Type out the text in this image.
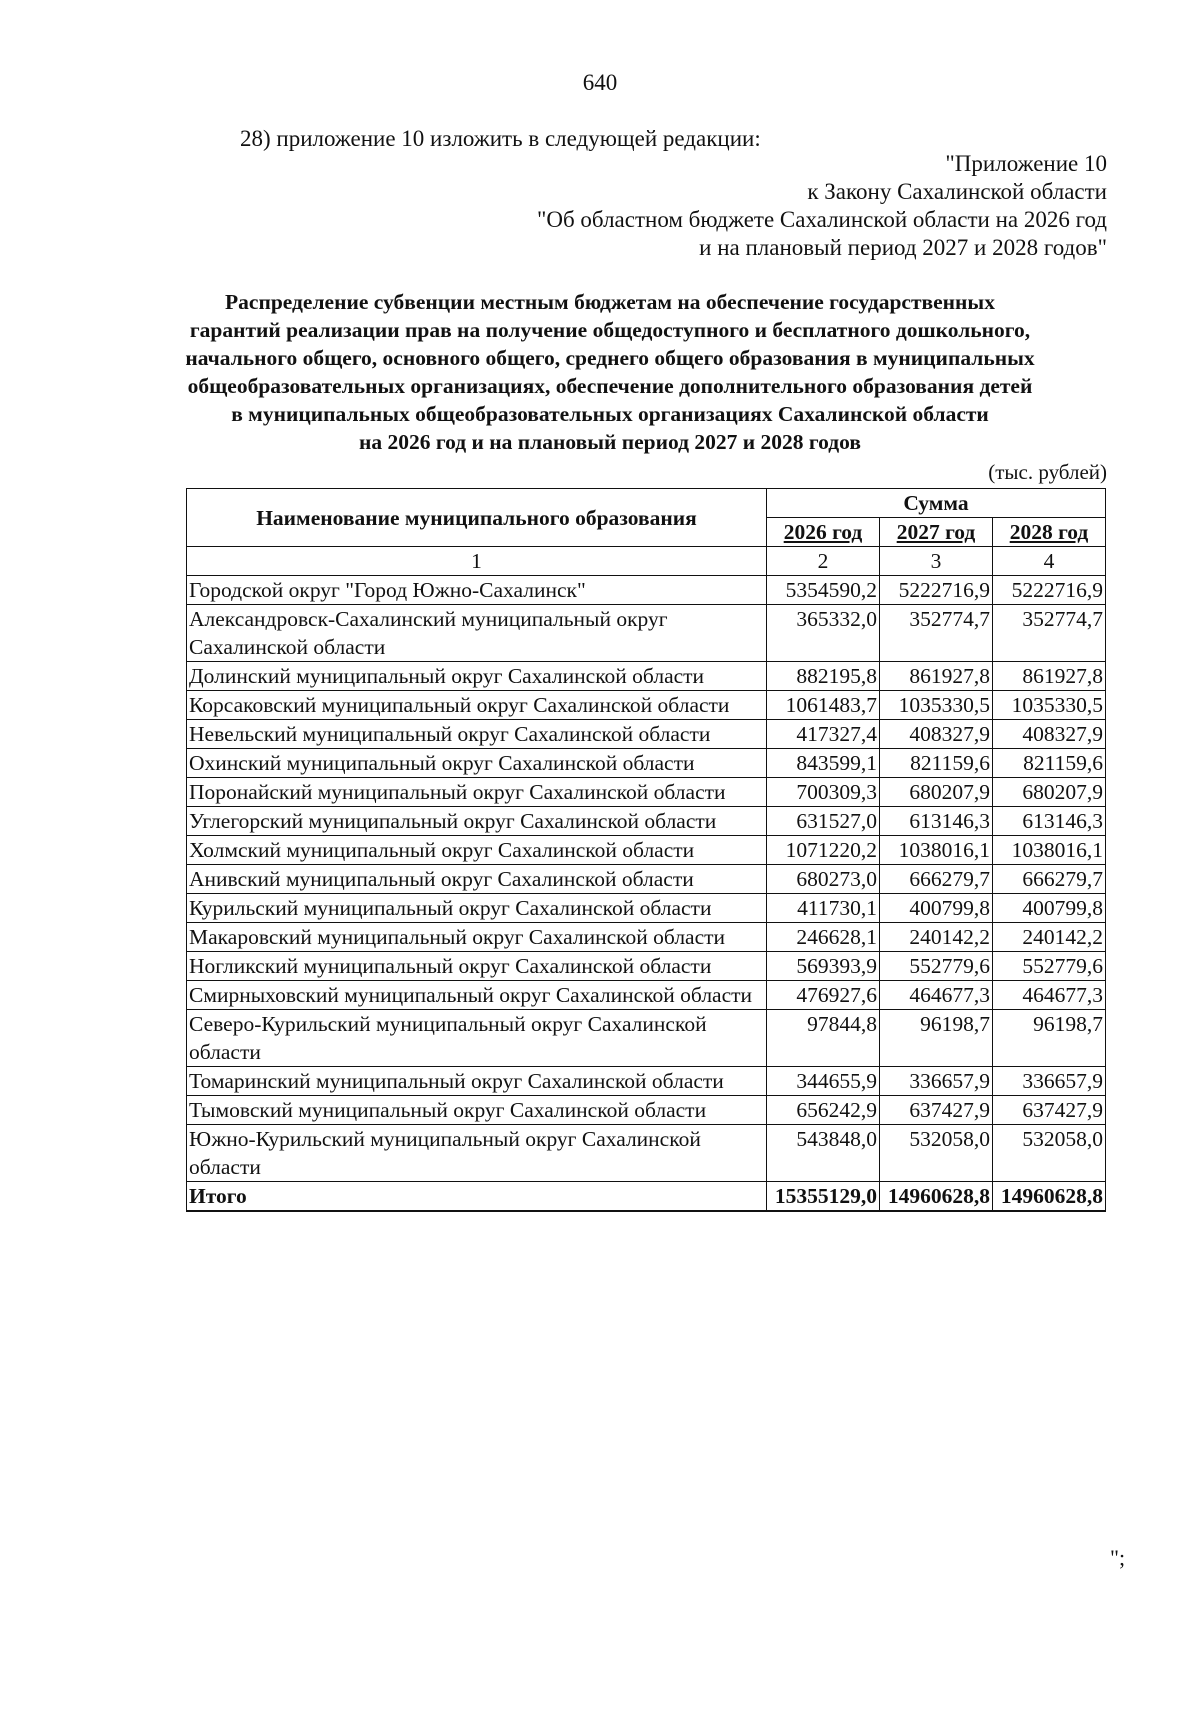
640
28) приложение 10 изложить в следующей редакции:
"Приложение 10
к Закону Сахалинской области
"Об областном бюджете Сахалинской области на 2026 год
и на плановый период 2027 и 2028 годов"
Распределение субвенции местным бюджетам на обеспечение государственных
гарантий реализации прав на получение общедоступного и бесплатного дошкольного,
начального общего, основного общего, среднего общего образования в муниципальных
общеобразовательных организациях, обеспечение дополнительного образования детей
в муниципальных общеобразовательных организациях Сахалинской области
на 2026 год и на плановый период 2027 и 2028 годов
(тыс. рублей)
Наименование муниципального образования	Сумма		
	2026 год	2027 год	2028 год
1	2	3	4
Городской округ "Город Южно-Сахалинск"	5354590,2	5222716,9	5222716,9
Александровск-Сахалинский муниципальный округ Сахалинской области	365332,0	352774,7	352774,7
Долинский муниципальный округ Сахалинской области	882195,8	861927,8	861927,8
Корсаковский муниципальный округ Сахалинской области	1061483,7	1035330,5	1035330,5
Невельский муниципальный округ Сахалинской области	417327,4	408327,9	408327,9
Охинский муниципальный округ Сахалинской области	843599,1	821159,6	821159,6
Поронайский муниципальный округ Сахалинской области	700309,3	680207,9	680207,9
Углегорский муниципальный округ Сахалинской области	631527,0	613146,3	613146,3
Холмский муниципальный округ Сахалинской области	1071220,2	1038016,1	1038016,1
Анивский муниципальный округ Сахалинской области	680273,0	666279,7	666279,7
Курильский муниципальный округ Сахалинской области	411730,1	400799,8	400799,8
Макаровский муниципальный округ Сахалинской области	246628,1	240142,2	240142,2
Ногликский муниципальный округ Сахалинской области	569393,9	552779,6	552779,6
Смирныховский муниципальный округ Сахалинской области	476927,6	464677,3	464677,3
Северо-Курильский муниципальный округ Сахалинской области	97844,8	96198,7	96198,7
Томаринский муниципальный округ Сахалинской области	344655,9	336657,9	336657,9
Тымовский муниципальный округ Сахалинской области	656242,9	637427,9	637427,9
Южно-Курильский муниципальный округ Сахалинской области	543848,0	532058,0	532058,0
Итого	15355129,0	14960628,8	14960628,8
";
